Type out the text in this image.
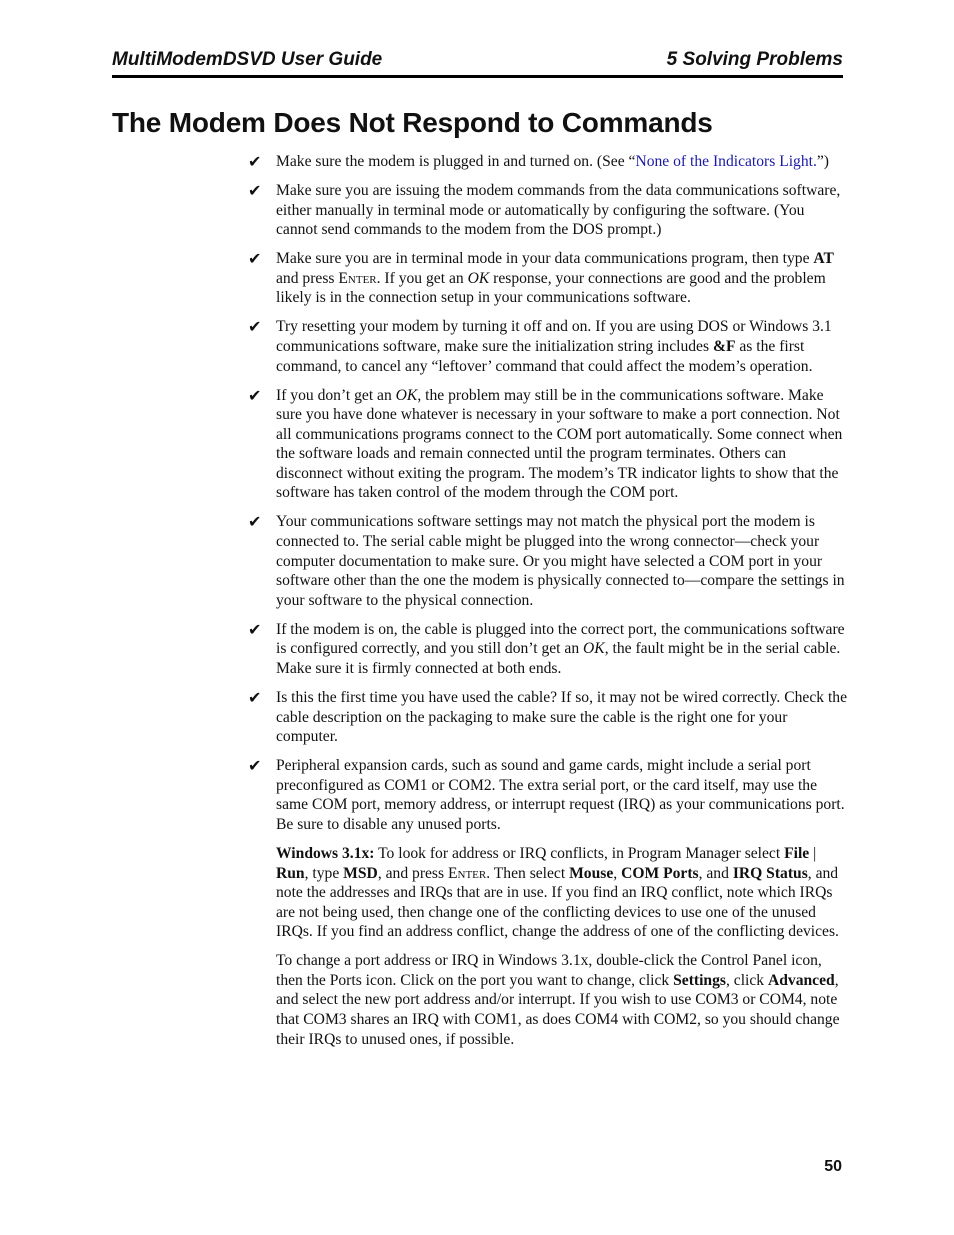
MultiModemDSVD User Guide	5 Solving Problems
The Modem Does Not Respond to Commands
✔ Make sure the modem is plugged in and turned on. (See “None of the Indicators Light.”)
✔ Make sure you are issuing the modem commands from the data communications software, either manually in terminal mode or automatically by configuring the software. (You cannot send commands to the modem from the DOS prompt.)
✔ Make sure you are in terminal mode in your data communications program, then type AT and press Enter. If you get an OK response, your connections are good and the problem likely is in the connection setup in your communications software.
✔ Try resetting your modem by turning it off and on. If you are using DOS or Windows 3.1 communications software, make sure the initialization string includes &F as the first command, to cancel any “leftover’ command that could affect the modem’s operation.
✔ If you don’t get an OK, the problem may still be in the communications software. Make sure you have done whatever is necessary in your software to make a port connection. Not all communications programs connect to the COM port automatically. Some connect when the software loads and remain connected until the program terminates. Others can disconnect without exiting the program. The modem’s TR indicator lights to show that the software has taken control of the modem through the COM port.
✔ Your communications software settings may not match the physical port the modem is connected to. The serial cable might be plugged into the wrong connector—check your computer documentation to make sure. Or you might have selected a COM port in your software other than the one the modem is physically connected to—compare the settings in your software to the physical connection.
✔ If the modem is on, the cable is plugged into the correct port, the communications software is configured correctly, and you still don’t get an OK, the fault might be in the serial cable. Make sure it is firmly connected at both ends.
✔ Is this the first time you have used the cable? If so, it may not be wired correctly. Check the cable description on the packaging to make sure the cable is the right one for your computer.
✔ Peripheral expansion cards, such as sound and game cards, might include a serial port preconfigured as COM1 or COM2. The extra serial port, or the card itself, may use the same COM port, memory address, or interrupt request (IRQ) as your communications port. Be sure to disable any unused ports.
Windows 3.1x: To look for address or IRQ conflicts, in Program Manager select File | Run, type MSD, and press Enter. Then select Mouse, COM Ports, and IRQ Status, and note the addresses and IRQs that are in use. If you find an IRQ conflict, note which IRQs are not being used, then change one of the conflicting devices to use one of the unused IRQs. If you find an address conflict, change the address of one of the conflicting devices.
To change a port address or IRQ in Windows 3.1x, double-click the Control Panel icon, then the Ports icon. Click on the port you want to change, click Settings, click Advanced, and select the new port address and/or interrupt. If you wish to use COM3 or COM4, note that COM3 shares an IRQ with COM1, as does COM4 with COM2, so you should change their IRQs to unused ones, if possible.
50
